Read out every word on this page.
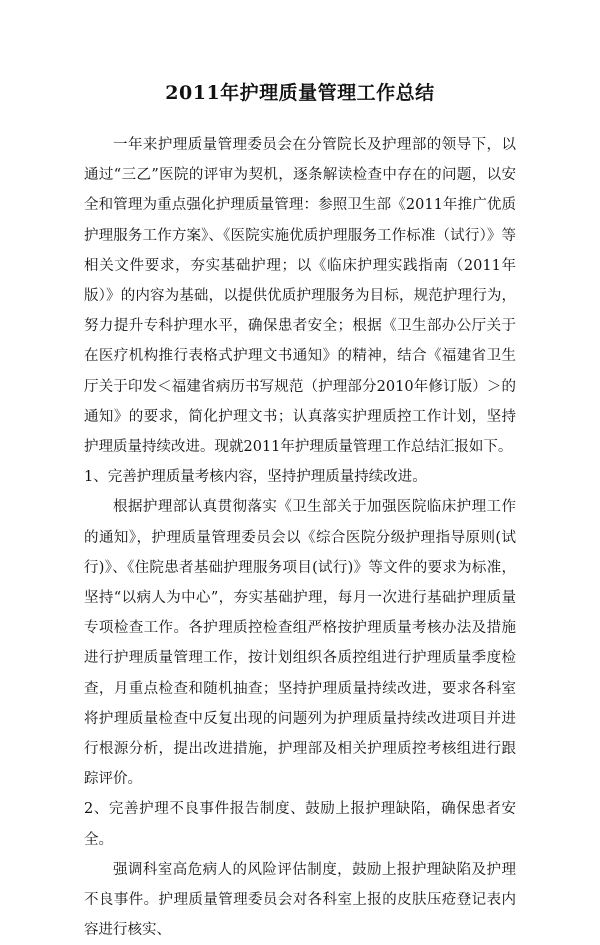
2011年护理质量管理工作总结

一年来护理质量管理委员会在分管院长及护理部的领导下，以通过“三乙”医院的评审为契机，逐条解读检查中存在的问题，以安全和管理为重点强化护理质量管理：参照卫生部《2011年推广优质护理服务工作方案》、《医院实施优质护理服务工作标准（试行）》等相关文件要求，夯实基础护理；以《临床护理实践指南（2011年版）》的内容为基础，以提供优质护理服务为目标，规范护理行为，努力提升专科护理水平，确保患者安全；根据《卫生部办公厅关于在医疗机构推行表格式护理文书通知》的精神，结合《福建省卫生厅关于印发＜福建省病历书写规范（护理部分2010年修订版）＞的通知》的要求，简化护理文书；认真落实护理质控工作计划，坚持护理质量持续改进。现就2011年护理质量管理工作总结汇报如下。

1、完善护理质量考核内容，坚持护理质量持续改进。

根据护理部认真贯彻落实《卫生部关于加强医院临床护理工作的通知》，护理质量管理委员会以《综合医院分级护理指导原则(试行)》、《住院患者基础护理服务项目(试行)》等文件的要求为标准，坚持“以病人为中心”，夯实基础护理，每月一次进行基础护理质量专项检查工作。各护理质控检查组严格按护理质量考核办法及措施进行护理质量管理工作，按计划组织各质控组进行护理质量季度检查，月重点检查和随机抽查；坚持护理质量持续改进，要求各科室将护理质量检查中反复出现的问题列为护理质量持续改进项目并进行根源分析，提出改进措施，护理部及相关护理质控考核组进行跟踪评价。

2、完善护理不良事件报告制度、鼓励上报护理缺陷，确保患者安全。

强调科室高危病人的风险评估制度，鼓励上报护理缺陷及护理不良事件。护理质量管理委员会对各科室上报的皮肤压疮登记表内容进行核实、
